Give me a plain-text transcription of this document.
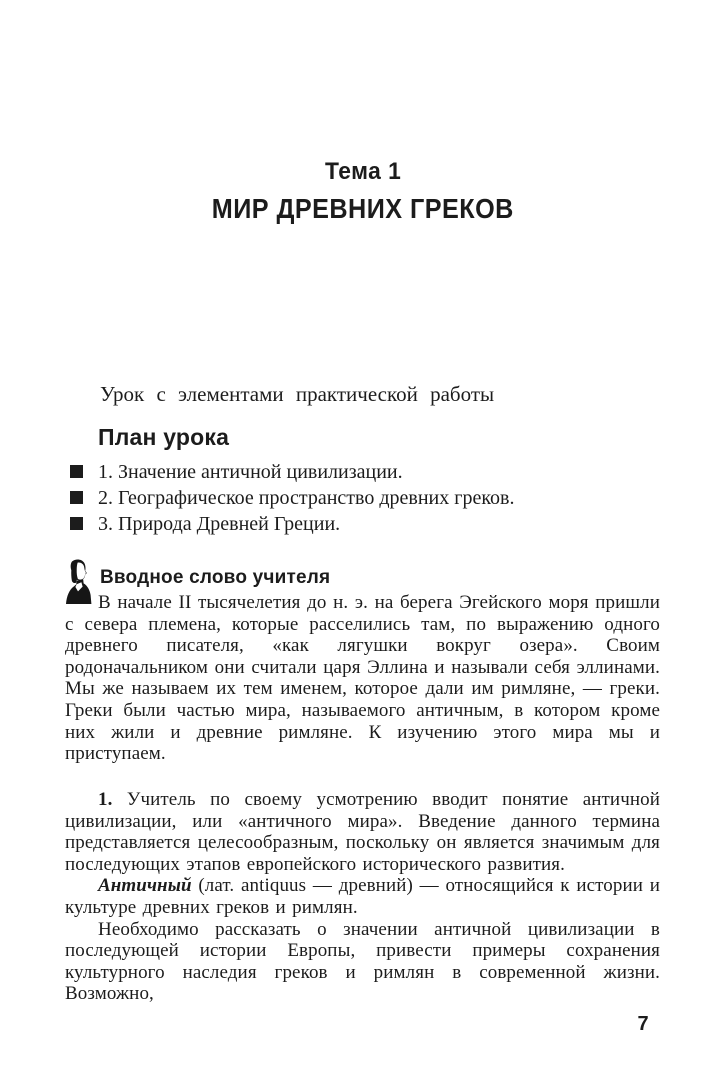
Тема 1
МИР ДРЕВНИХ ГРЕКОВ
Урок с элементами практической работы
План урока
1. Значение античной цивилизации.
2. Географическое пространство древних греков.
3. Природа Древней Греции.
Вводное слово учителя
В начале II тысячелетия до н. э. на берега Эгейского моря пришли с севера племена, которые расселились там, по выражению одного древнего писателя, «как лягушки вокруг озера». Своим родоначальником они считали царя Эллина и называли себя эллинами. Мы же называем их тем именем, которое дали им римляне, — греки. Греки были частью мира, называемого античным, в котором кроме них жили и древние римляне. К изучению этого мира мы и приступаем.

1. Учитель по своему усмотрению вводит понятие античной цивилизации, или «античного мира». Введение данного термина представляется целесообразным, поскольку он является значимым для последующих этапов европейского исторического развития.

Античный (лат. antiquus — древний) — относящийся к истории и культуре древних греков и римлян.

Необходимо рассказать о значении античной цивилизации в последующей истории Европы, привести примеры сохранения культурного наследия греков и римлян в современной жизни. Возможно,

7
